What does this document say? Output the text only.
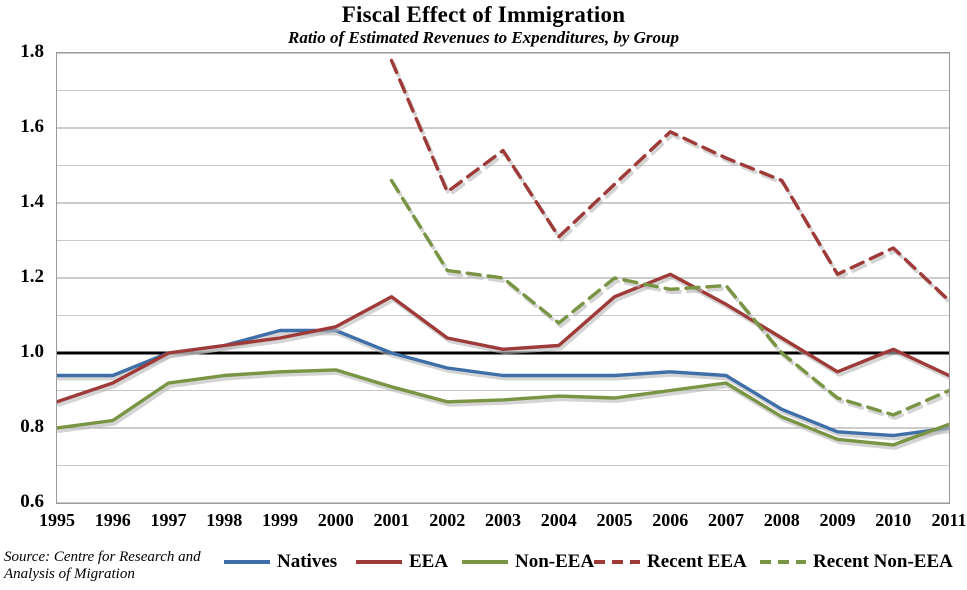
Fiscal Effect of Immigration
Ratio of Estimated Revenues to Expenditures, by Group
0.6
0.8
1.0
1.2
1.4
1.6
1.8
1995 1996 1997 1998 1999 2000 2001 2002 2003 2004 2005 2006 2007 2008 2009 2010 2011
Source: Centre for Research and Analysis of Migration
Natives	EEA	Non-EEA	Recent EEA	Recent Non-EEA
